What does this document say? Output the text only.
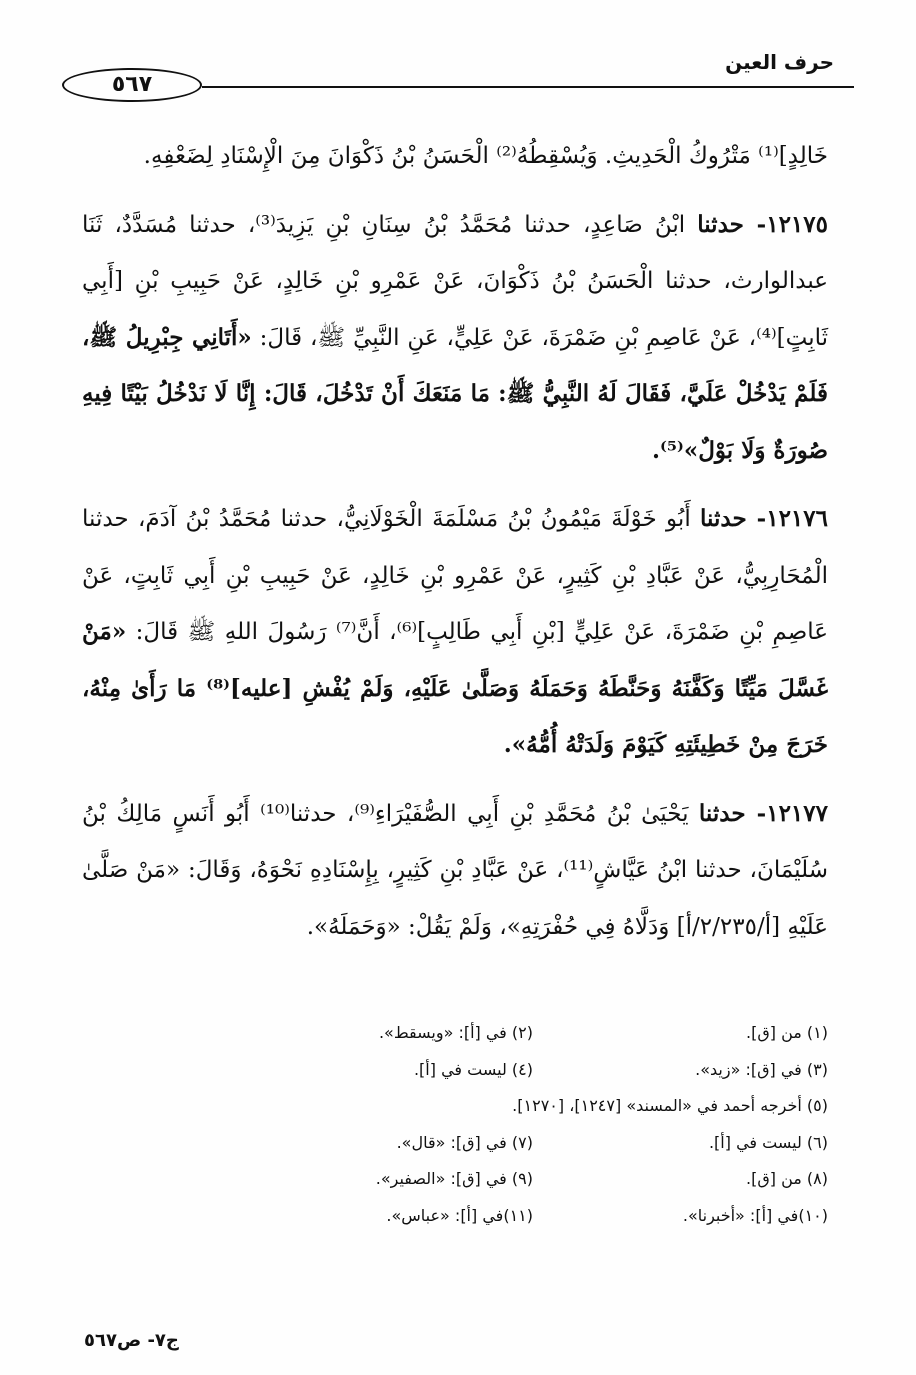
حرف العين
٥٦٧

خَالِدٍ]⁽¹⁾ مَتْرُوكُ الْحَدِيثِ. وَيُسْقِطُهُ⁽²⁾ الْحَسَنُ بْنُ ذَكْوَانَ مِنَ الْإِسْنَادِ لِضَعْفِهِ.

١٢١٧٥- حدثنا ابْنُ صَاعِدٍ، حدثنا مُحَمَّدُ بْنُ سِنَانِ بْنِ يَزِيدَ⁽³⁾، حدثنا مُسَدَّدٌ، ثَنَا عبدالوارث، حدثنا الْحَسَنُ بْنُ ذَكْوَانَ، عَنْ عَمْرِو بْنِ خَالِدٍ، عَنْ حَبِيبِ بْنِ [أَبِي ثَابِتٍ]⁽⁴⁾، عَنْ عَاصِمِ بْنِ ضَمْرَةَ، عَنْ عَلِيٍّ، عَنِ النَّبِيِّ ﷺ، قَالَ: «أَتَانِي جِبْرِيلُ ﷺ، فَلَمْ يَدْخُلْ عَلَيَّ، فَقَالَ لَهُ النَّبِيُّ ﷺ: مَا مَنَعَكَ أَنْ تَدْخُلَ، قَالَ: إِنَّا لَا نَدْخُلُ بَيْتًا فِيهِ صُورَةٌ وَلَا بَوْلٌ»⁽⁵⁾.

١٢١٧٦- حدثنا أَبُو خَوْلَةَ مَيْمُونُ بْنُ مَسْلَمَةَ الْخَوْلَانِيُّ، حدثنا مُحَمَّدُ بْنُ آدَمَ، حدثنا الْمُحَارِبِيُّ، عَنْ عَبَّادِ بْنِ كَثِيرٍ، عَنْ عَمْرِو بْنِ خَالِدٍ، عَنْ حَبِيبِ بْنِ أَبِي ثَابِتٍ، عَنْ عَاصِمِ بْنِ ضَمْرَةَ، عَنْ عَلِيٍّ [بْنِ أَبِي طَالِبٍ]⁽⁶⁾، أَنَّ⁽⁷⁾ رَسُولَ اللهِ ﷺ قَالَ: «مَنْ غَسَّلَ مَيِّتًا وَكَفَّنَهُ وَحَنَّطَهُ وَحَمَلَهُ وَصَلَّىٰ عَلَيْهِ، وَلَمْ يُفْشِ [عليه]⁽⁸⁾ مَا رَأَىٰ مِنْهُ، خَرَجَ مِنْ خَطِيئَتِهِ كَيَوْمَ وَلَدَتْهُ أُمُّهُ».

١٢١٧٧- حدثنا يَحْيَىٰ بْنُ مُحَمَّدِ بْنِ أَبِي الصُّفَيْرَاءِ⁽⁹⁾، حدثنا⁽¹⁰⁾ أَبُو أَنَسٍ مَالِكُ بْنُ سُلَيْمَانَ، حدثنا ابْنُ عَيَّاشٍ⁽¹¹⁾، عَنْ عَبَّادِ بْنِ كَثِيرٍ، بِإِسْنَادِهِ نَحْوَهُ، وَقَالَ: «مَنْ صَلَّىٰ عَلَيْهِ [أ/٢/٢٣٥/أ] وَدَلَّاهُ فِي حُفْرَتِهِ»، وَلَمْ يَقُلْ: «وَحَمَلَهُ».

(١) من [ق].
(٢) في [أ]: «ويسقط».
(٣) في [ق]: «زيد».
(٤) ليست في [أ].
(٥) أخرجه أحمد في «المسند» [١٢٤٧]، [١٢٧٠].
(٦) ليست في [أ].
(٧) في [ق]: «قال».
(٨) من [ق].
(٩) في [ق]: «الصفير».
(١٠)في [أ]: «أخبرنا».
(١١)في [أ]: «عباس».
ج٧- ص٥٦٧
